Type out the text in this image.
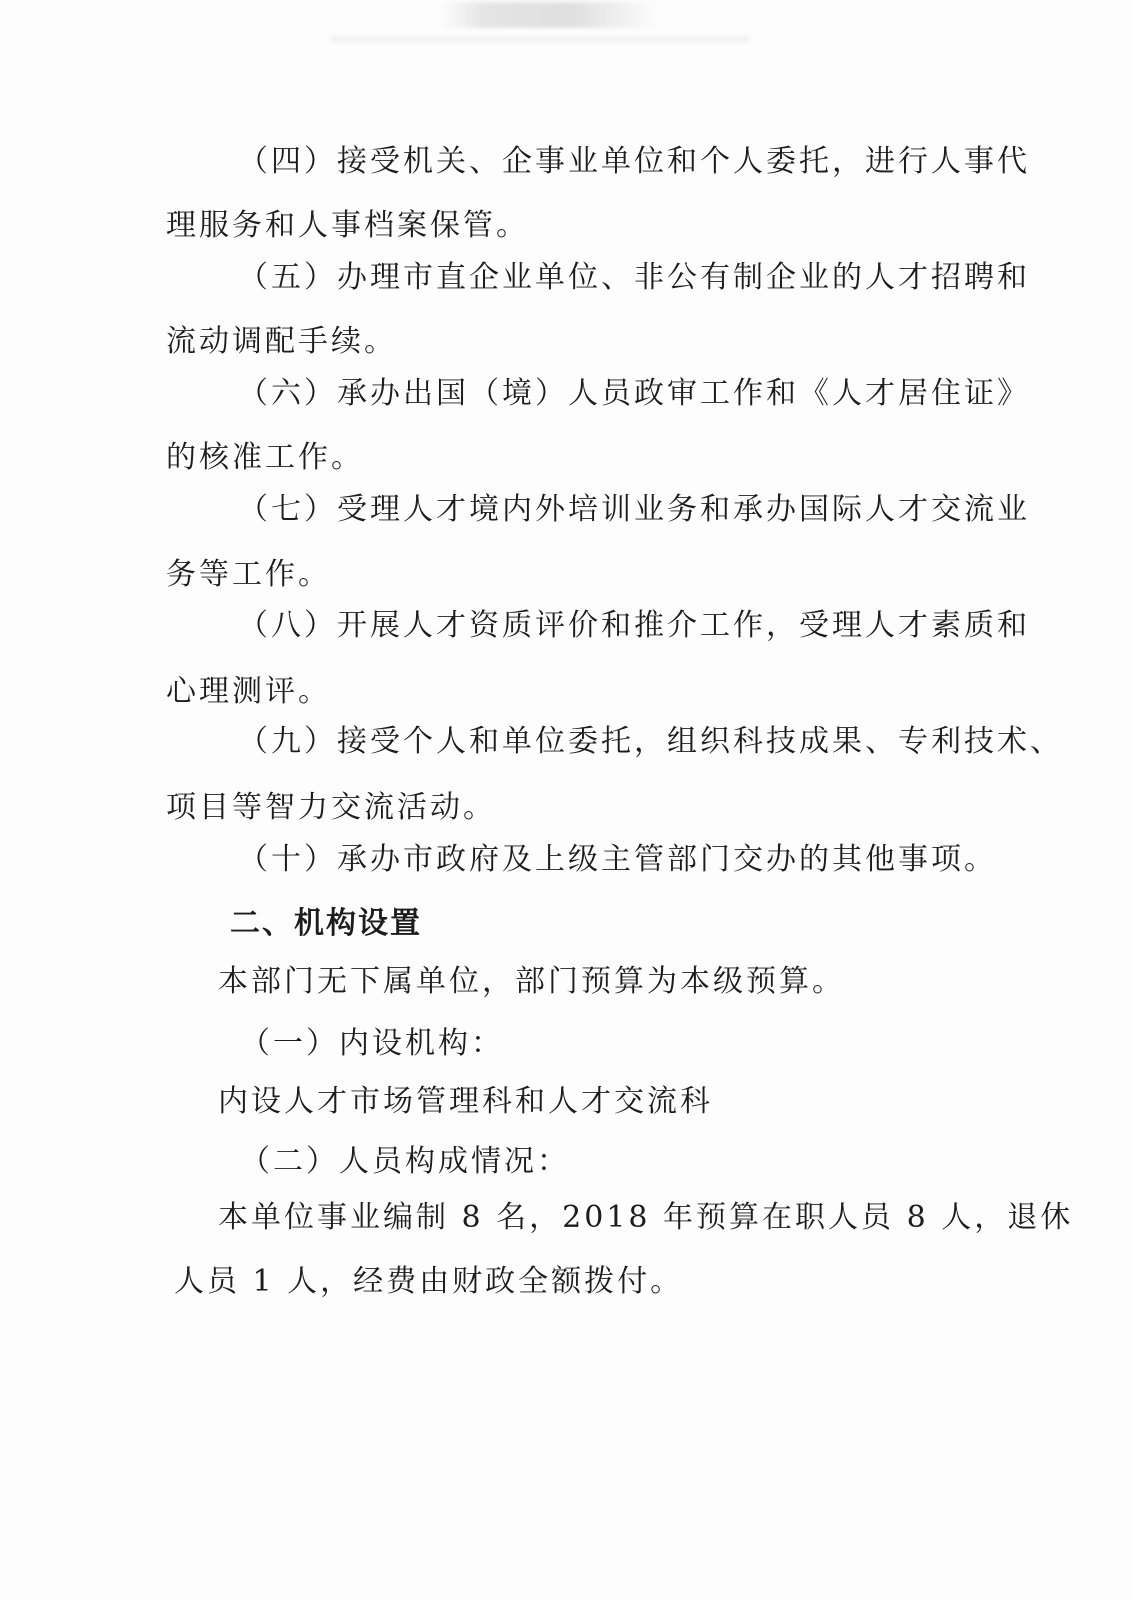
（四）接受机关、企事业单位和个人委托，进行人事代
理服务和人事档案保管。
（五）办理市直企业单位、非公有制企业的人才招聘和
流动调配手续。
（六）承办出国（境）人员政审工作和《人才居住证》
的核准工作。
（七）受理人才境内外培训业务和承办国际人才交流业
务等工作。
（八）开展人才资质评价和推介工作，受理人才素质和
心理测评。
（九）接受个人和单位委托，组织科技成果、专利技术、
项目等智力交流活动。
（十）承办市政府及上级主管部门交办的其他事项。
二、机构设置
本部门无下属单位，部门预算为本级预算。
（一）内设机构：
内设人才市场管理科和人才交流科
（二）人员构成情况：
本单位事业编制 8 名，2018 年预算在职人员 8 人，退休
人员 1 人，经费由财政全额拨付。
